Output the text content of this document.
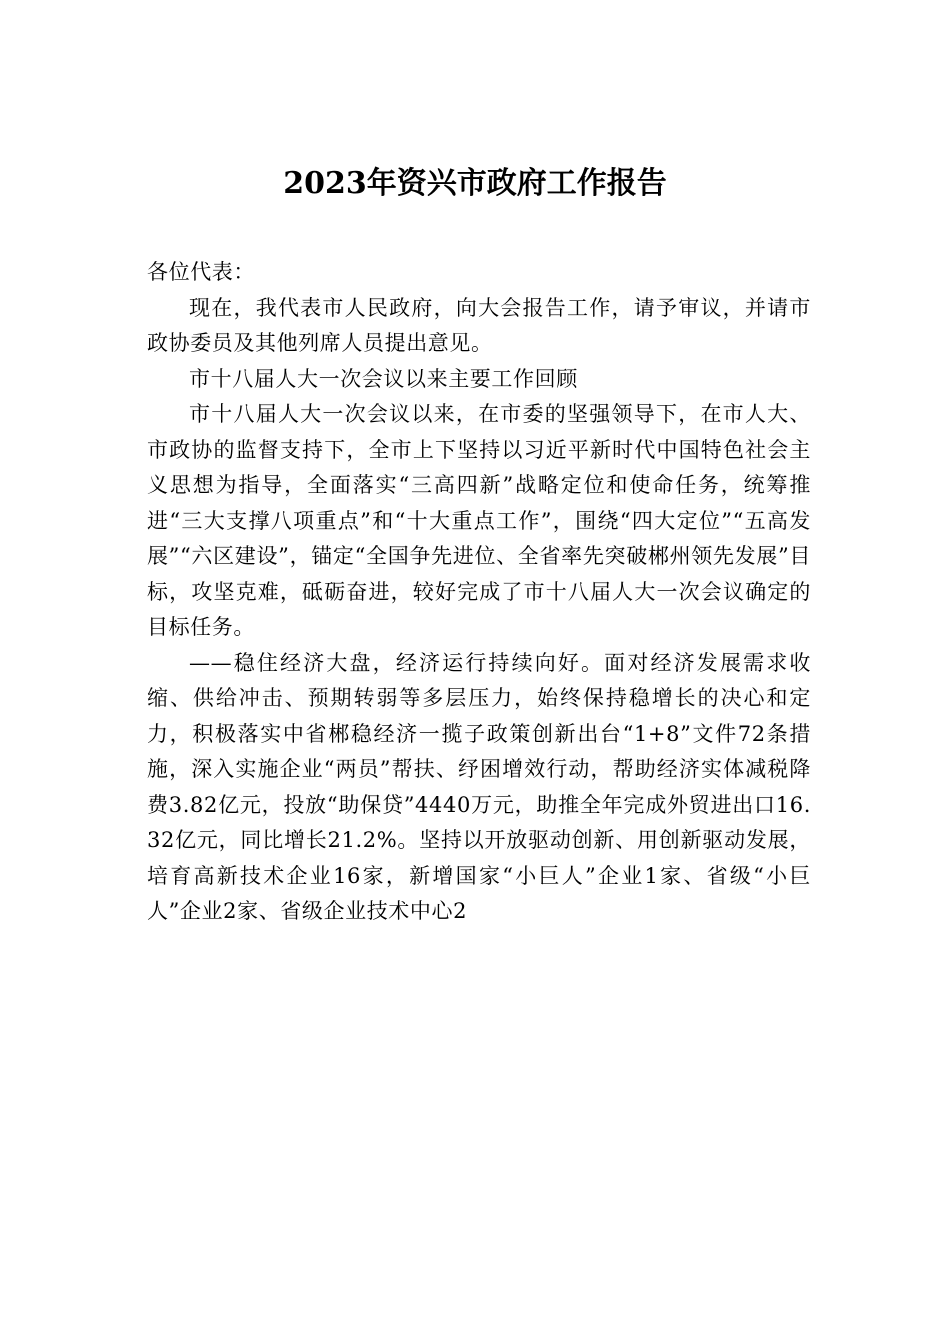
2023年资兴市政府工作报告

各位代表：

现在，我代表市人民政府，向大会报告工作，请予审议，并请市政协委员及其他列席人员提出意见。

市十八届人大一次会议以来主要工作回顾

市十八届人大一次会议以来，在市委的坚强领导下，在市人大、市政协的监督支持下，全市上下坚持以习近平新时代中国特色社会主义思想为指导，全面落实“三高四新”战略定位和使命任务，统筹推进“三大支撑八项重点”和“十大重点工作”，围绕“四大定位”“五高发展”“六区建设”，锚定“全国争先进位、全省率先突破郴州领先发展”目标，攻坚克难，砥砺奋进，较好完成了市十八届人大一次会议确定的目标任务。

——稳住经济大盘，经济运行持续向好。面对经济发展需求收缩、供给冲击、预期转弱等多层压力，始终保持稳增长的决心和定力，积极落实中省郴稳经济一揽子政策创新出台“1+8”文件72条措施，深入实施企业“两员”帮扶、纾困增效行动，帮助经济实体减税降费3.82亿元，投放“助保贷”4440万元，助推全年完成外贸进出口16.32亿元，同比增长21.2%。坚持以开放驱动创新、用创新驱动发展，培育高新技术企业16家，新增国家“小巨人”企业1家、省级“小巨人”企业2家、省级企业技术中心2
